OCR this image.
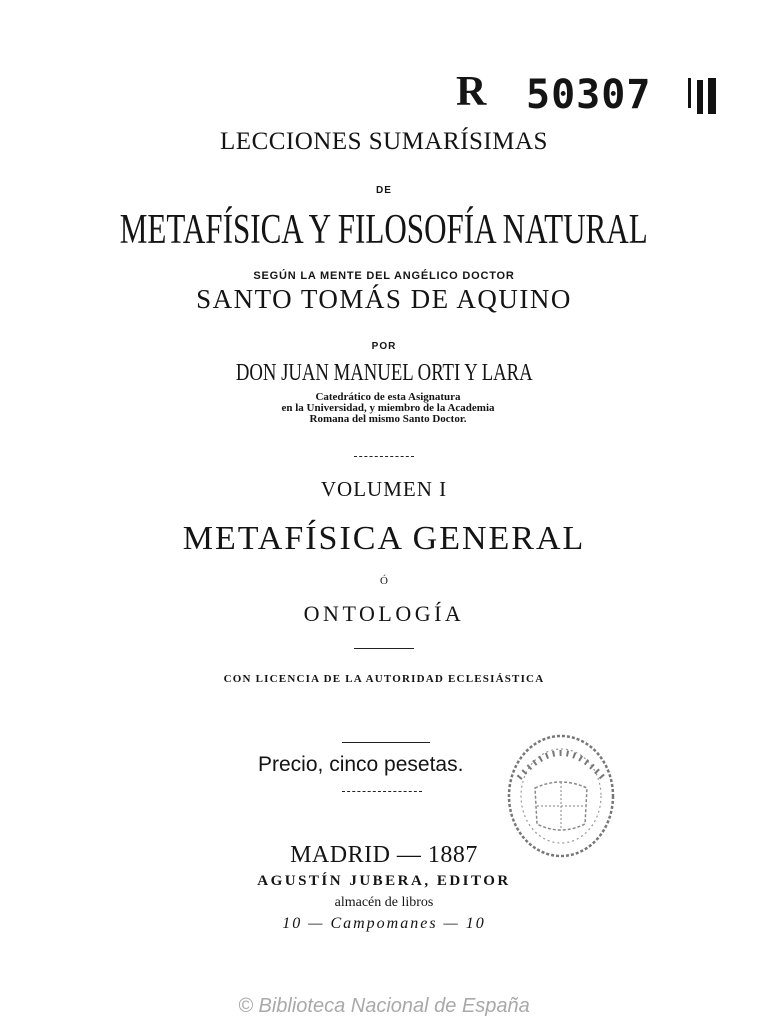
R 50307
LECCIONES SUMARÍSIMAS
DE
METAFÍSICA Y FILOSOFÍA NATURAL
SEGÚN LA MENTE DEL ANGÉLICO DOCTOR
SANTO TOMÁS DE AQUINO
POR
DON JUAN MANUEL ORTI Y LARA
Catedrático de esta Asignatura
en la Universidad, y miembro de la Academia
Romana del mismo Santo Doctor.
VOLUMEN I
METAFÍSICA GENERAL
Ó
ONTOLOGÍA
CON LICENCIA DE LA AUTORIDAD ECLESIÁSTICA
Precio, cinco pesetas.
MADRID — 1887
AGUSTÍN JUBERA, EDITOR
almacén de libros
10 — Campomanes — 10
© Biblioteca Nacional de España
